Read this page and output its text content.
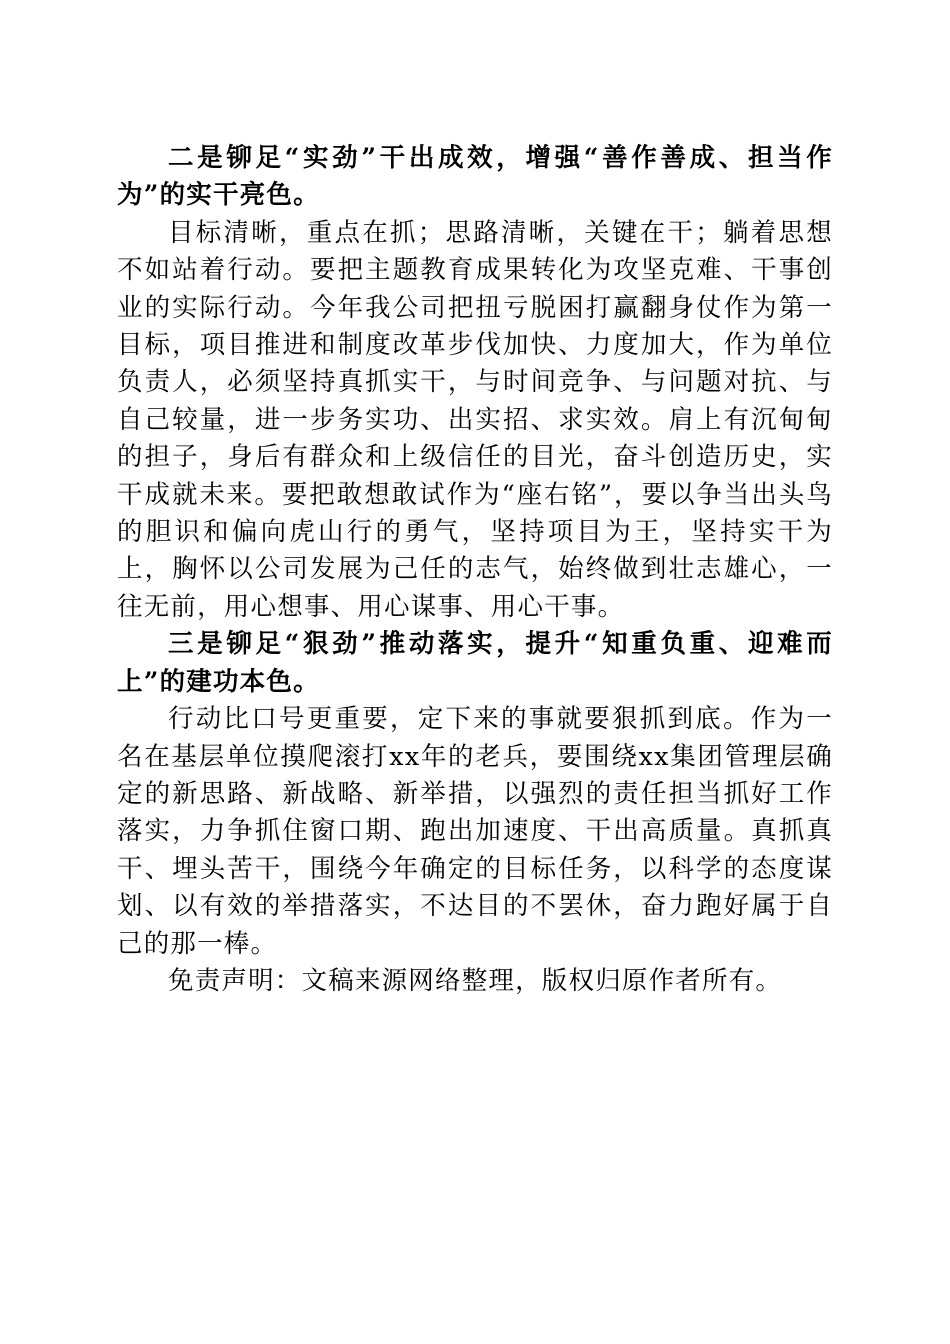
二是铆足“实劲”干出成效，增强“善作善成、担当作为”的实干亮色。

目标清晰，重点在抓；思路清晰，关键在干；躺着思想不如站着行动。要把主题教育成果转化为攻坚克难、干事创业的实际行动。今年我公司把扭亏脱困打赢翻身仗作为第一目标，项目推进和制度改革步伐加快、力度加大，作为单位负责人，必须坚持真抓实干，与时间竞争、与问题对抗、与自己较量，进一步务实功、出实招、求实效。肩上有沉甸甸的担子，身后有群众和上级信任的目光，奋斗创造历史，实干成就未来。要把敢想敢试作为“座右铭”，要以争当出头鸟的胆识和偏向虎山行的勇气，坚持项目为王，坚持实干为上，胸怀以公司发展为己任的志气，始终做到壮志雄心，一往无前，用心想事、用心谋事、用心干事。

三是铆足“狠劲”推动落实，提升“知重负重、迎难而上”的建功本色。

行动比口号更重要，定下来的事就要狠抓到底。作为一名在基层单位摸爬滚打xx年的老兵，要围绕xx集团管理层确定的新思路、新战略、新举措，以强烈的责任担当抓好工作落实，力争抓住窗口期、跑出加速度、干出高质量。真抓真干、埋头苦干，围绕今年确定的目标任务，以科学的态度谋划、以有效的举措落实，不达目的不罢休，奋力跑好属于自己的那一棒。

免责声明：文稿来源网络整理，版权归原作者所有。
